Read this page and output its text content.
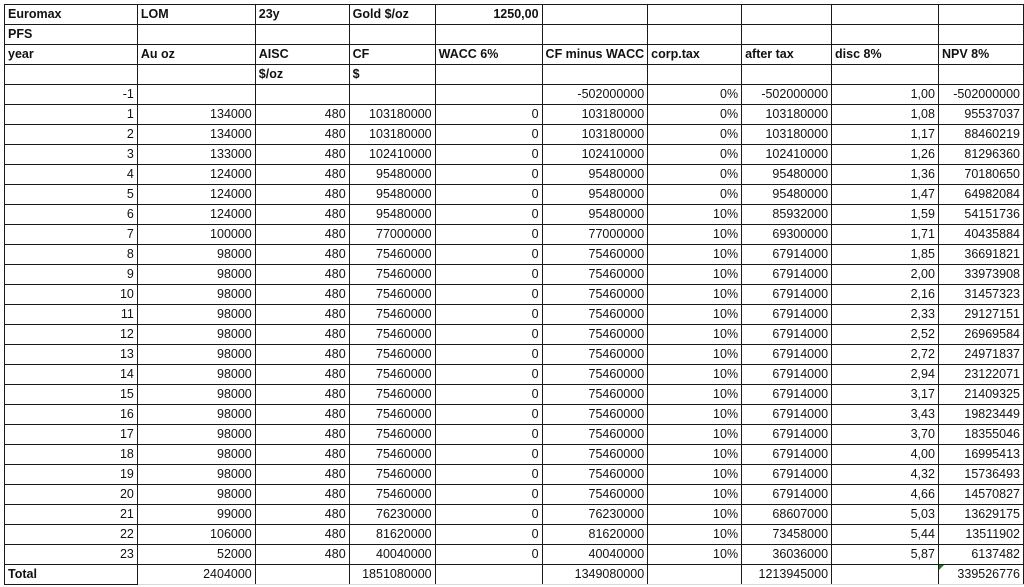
Euromax	LOM	23y	Gold $/oz	1250,00					
PFS									
year	Au oz	AISC	CF	WACC 6%	CF minus WACC	corp.tax	after tax	disc 8%	NPV 8%
		$/oz	$						
-1					-502000000	0%	-502000000	1,00	-502000000
1	134000	480	103180000	0	103180000	0%	103180000	1,08	95537037
2	134000	480	103180000	0	103180000	0%	103180000	1,17	88460219
3	133000	480	102410000	0	102410000	0%	102410000	1,26	81296360
4	124000	480	95480000	0	95480000	0%	95480000	1,36	70180650
5	124000	480	95480000	0	95480000	0%	95480000	1,47	64982084
6	124000	480	95480000	0	95480000	10%	85932000	1,59	54151736
7	100000	480	77000000	0	77000000	10%	69300000	1,71	40435884
8	98000	480	75460000	0	75460000	10%	67914000	1,85	36691821
9	98000	480	75460000	0	75460000	10%	67914000	2,00	33973908
10	98000	480	75460000	0	75460000	10%	67914000	2,16	31457323
11	98000	480	75460000	0	75460000	10%	67914000	2,33	29127151
12	98000	480	75460000	0	75460000	10%	67914000	2,52	26969584
13	98000	480	75460000	0	75460000	10%	67914000	2,72	24971837
14	98000	480	75460000	0	75460000	10%	67914000	2,94	23122071
15	98000	480	75460000	0	75460000	10%	67914000	3,17	21409325
16	98000	480	75460000	0	75460000	10%	67914000	3,43	19823449
17	98000	480	75460000	0	75460000	10%	67914000	3,70	18355046
18	98000	480	75460000	0	75460000	10%	67914000	4,00	16995413
19	98000	480	75460000	0	75460000	10%	67914000	4,32	15736493
20	98000	480	75460000	0	75460000	10%	67914000	4,66	14570827
21	99000	480	76230000	0	76230000	10%	68607000	5,03	13629175
22	106000	480	81620000	0	81620000	10%	73458000	5,44	13511902
23	52000	480	40040000	0	40040000	10%	36036000	5,87	6137482
Total	2404000		1851080000		1349080000		1213945000		339526776
